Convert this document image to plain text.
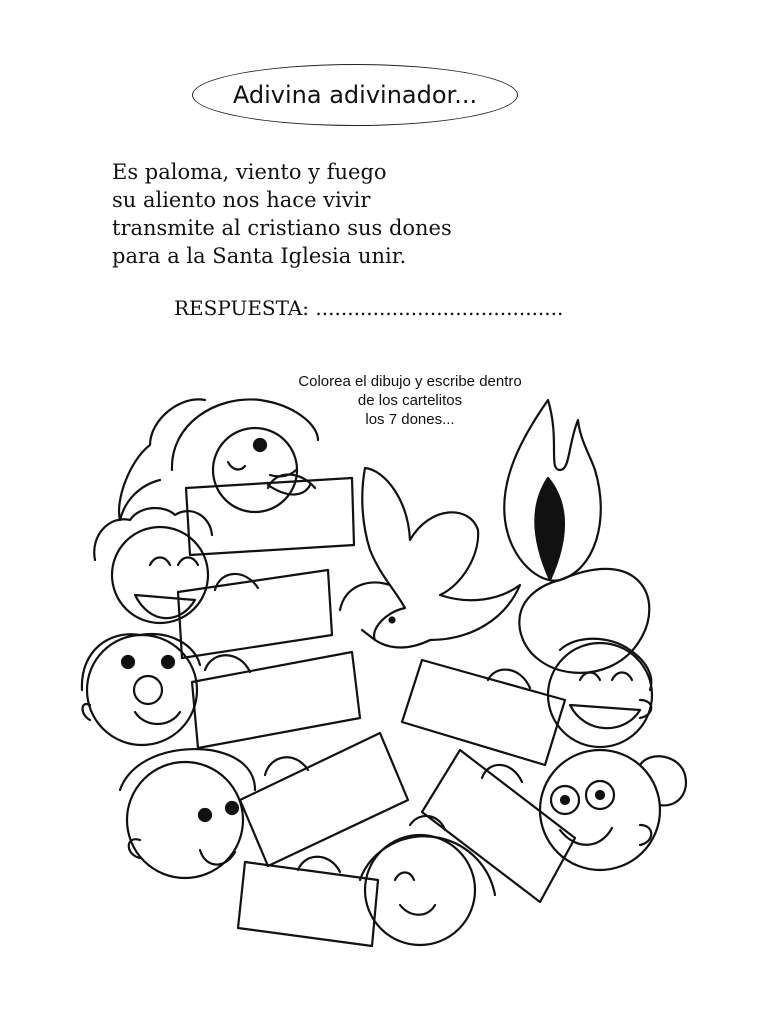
Adivina adivinador...
Es paloma, viento y fuego
su aliento nos hace vivir
transmite al cristiano sus dones
para a la Santa Iglesia unir.
RESPUESTA: .......................................
Colorea el dibujo y escribe dentro
de los cartelitos
los 7 dones...
